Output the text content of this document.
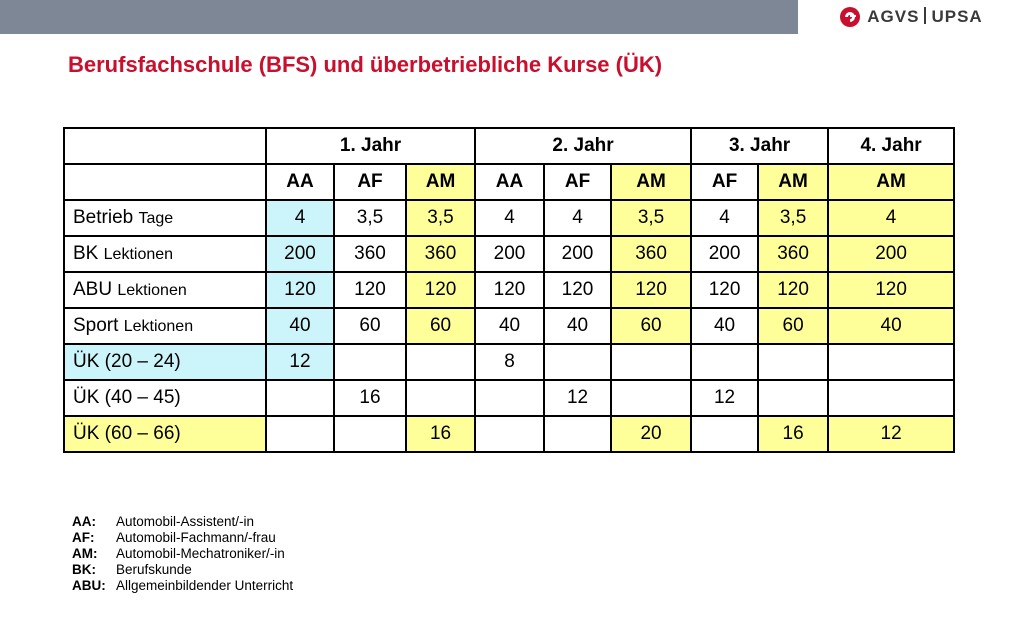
AGVS UPSA
Berufsfachschule (BFS) und überbetriebliche Kurse (ÜK)
	1. Jahr			2. Jahr			3. Jahr		4. Jahr
	AA	AF	AM	AA	AF	AM	AF	AM	AM
Betrieb Tage	4	3,5	3,5	4	4	3,5	4	3,5	4
BK Lektionen	200	360	360	200	200	360	200	360	200
ABU Lektionen	120	120	120	120	120	120	120	120	120
Sport Lektionen	40	60	60	40	40	60	40	60	40
ÜK (20 – 24)	12			8					
ÜK (40 – 45)		16			12		12		
ÜK (60 – 66)			16			20		16	12
AA:	Automobil-Assistent/-in
AF:	Automobil-Fachmann/-frau
AM:	Automobil-Mechatroniker/-in
BK:	Berufskunde
ABU: Allgemeinbildender Unterricht
